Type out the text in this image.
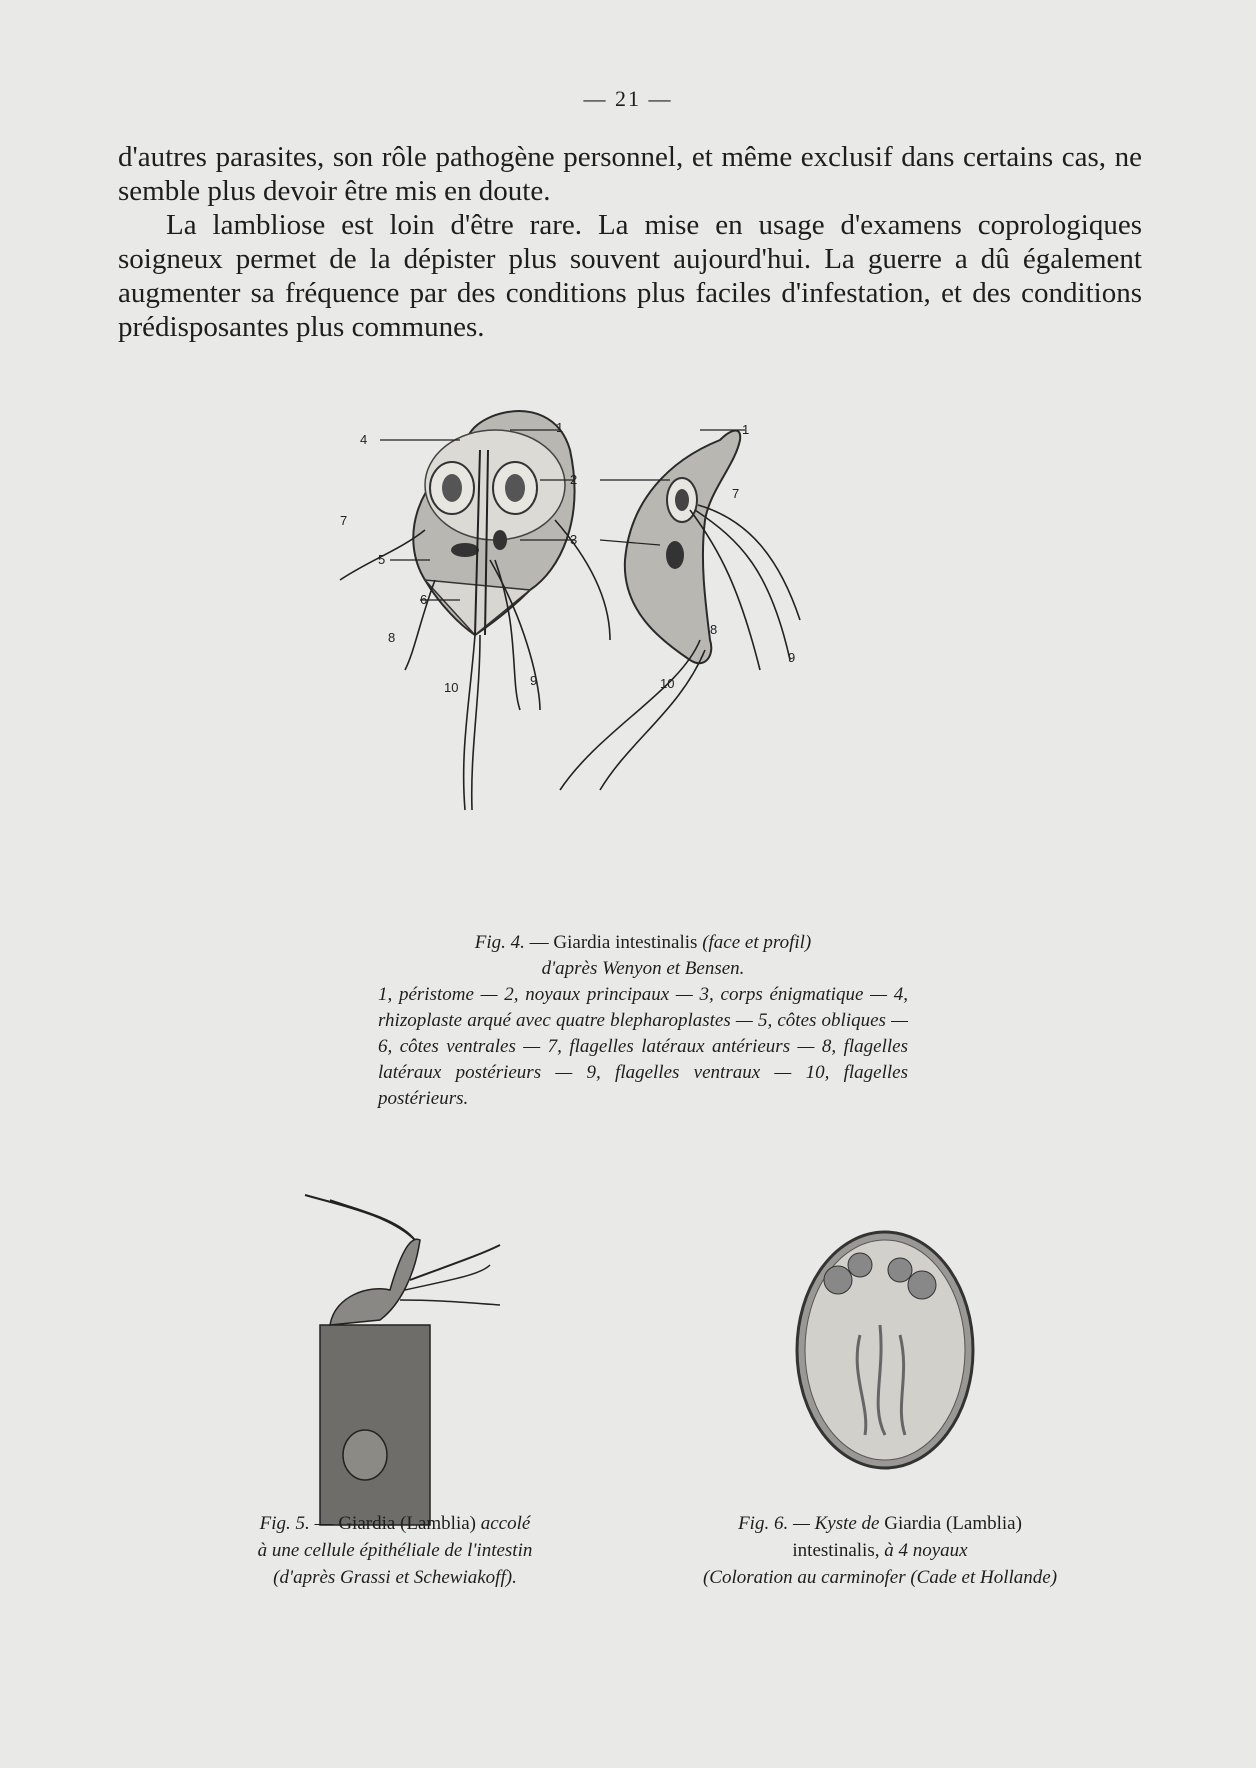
— 21 —

d'autres parasites, son rôle pathogène personnel, et même exclusif dans certains cas, ne semble plus devoir être mis en doute.

La lambliose est loin d'être rare. La mise en usage d'examens coprologiques soigneux permet de la dépister plus souvent aujourd'hui. La guerre a dû également augmenter sa fréquence par des conditions plus faciles d'infestation, et des conditions prédisposantes plus communes.

4
1
2
3
7
5
6
8
10	9	10
1
7
8
9
Fig. 4. — Giardia intestinalis (face et profil)
d'après Wenyon et Bensen.
1, péristome — 2, noyaux principaux — 3, corps énigmatique — 4, rhizoplaste arqué avec quatre blepharoplastes — 5, côtes obliques — 6, côtes ventrales — 7, flagelles latéraux antérieurs — 8, flagelles latéraux postérieurs — 9, flagelles ventraux — 10, flagelles postérieurs.
Fig. 5. — Giardia (Lamblia) accolé
à une cellule épithéliale de l'intestin
(d'après Grassi et Schewiakoff).
Fig. 6. — Kyste de Giardia (Lamblia)
intestinalis, à 4 noyaux
(Coloration au carminofer (Cade et Hollande)
